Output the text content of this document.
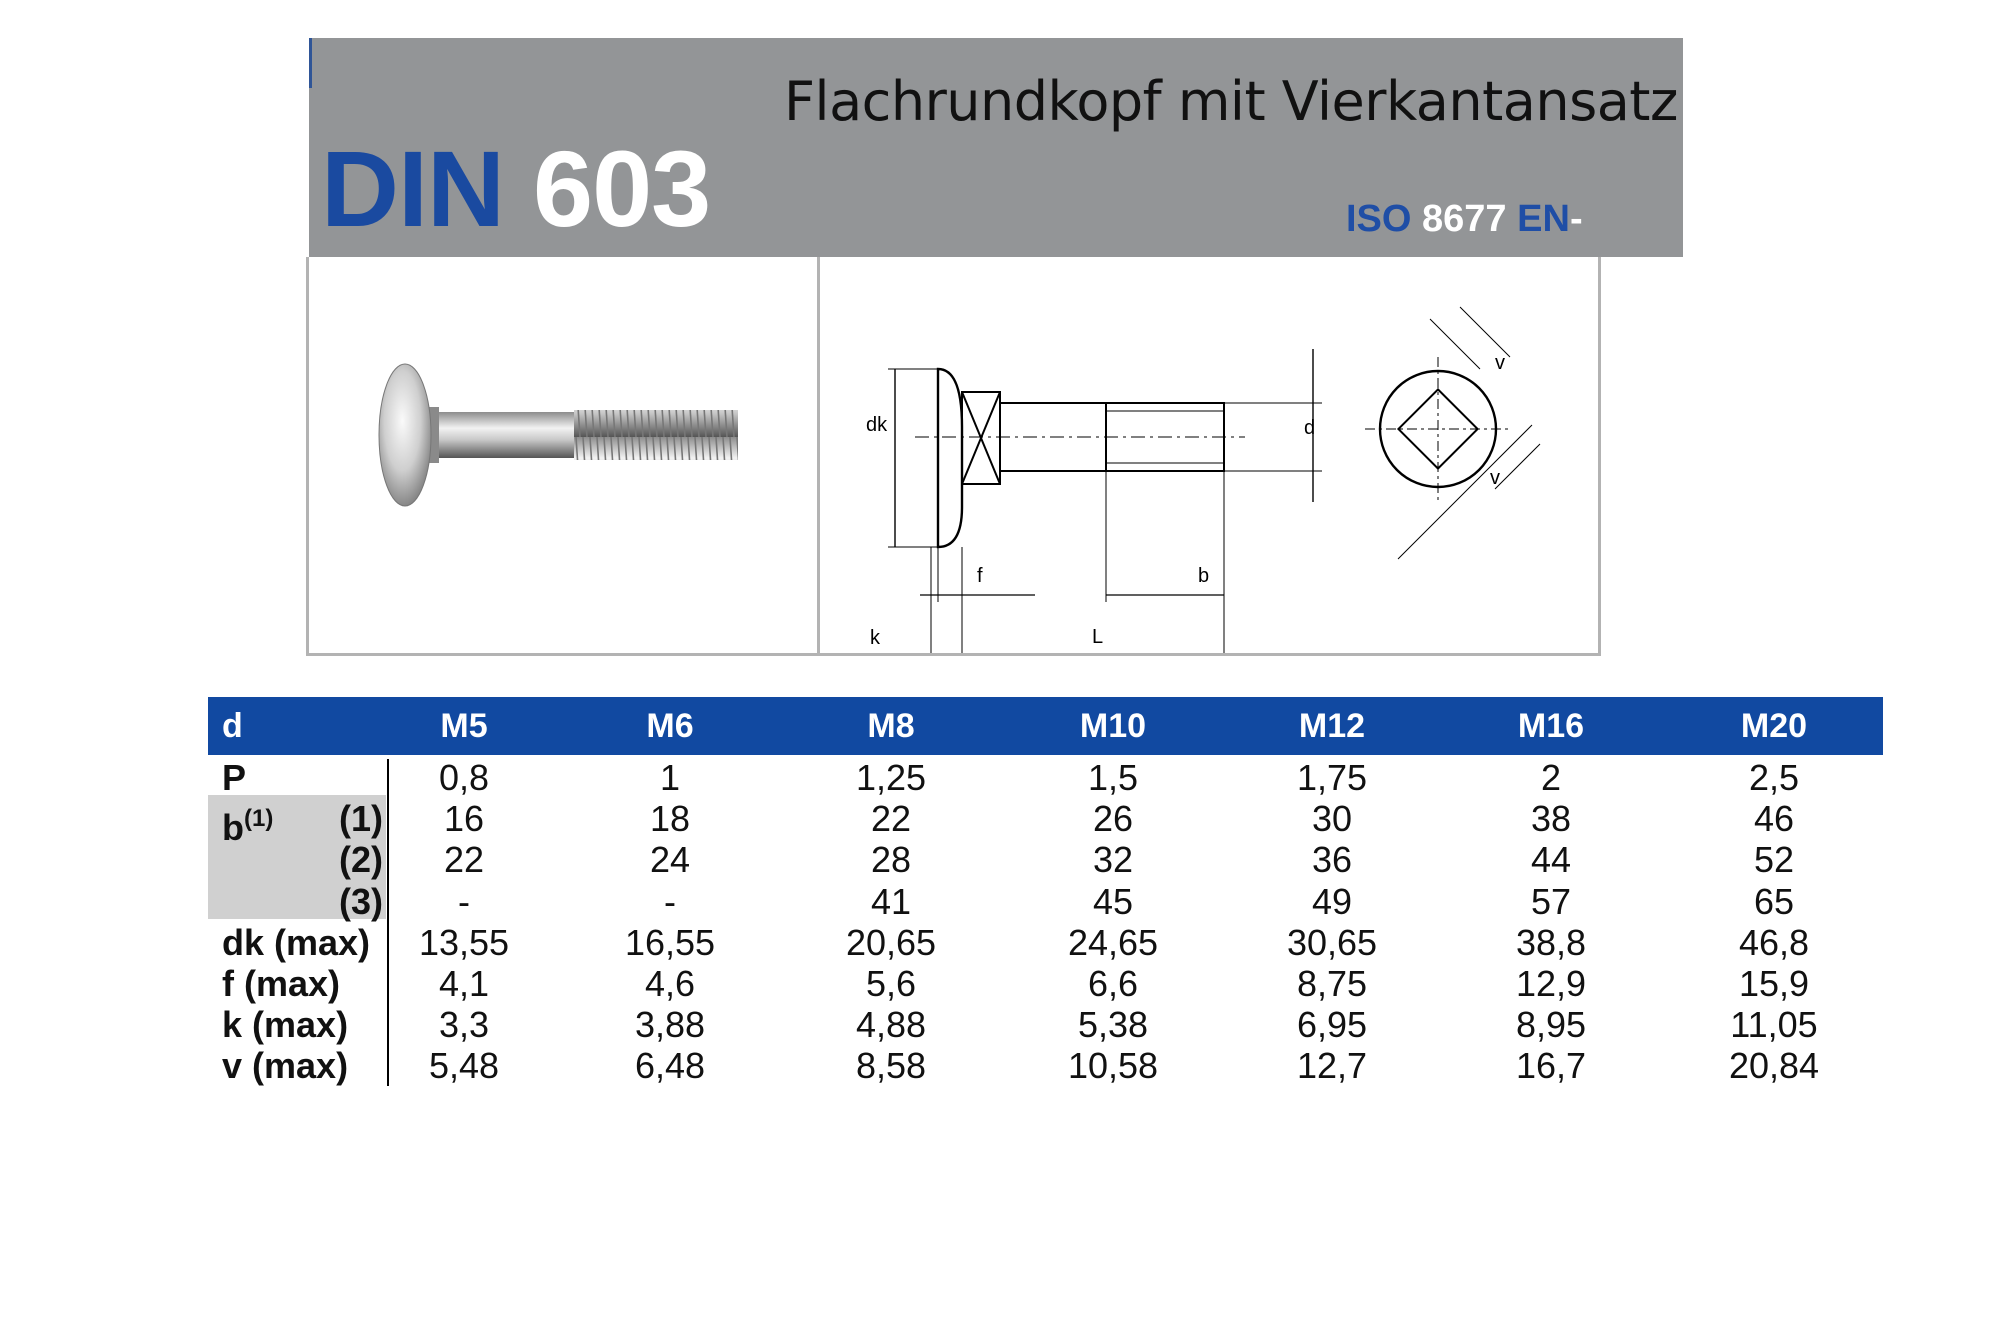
Flachrundkopf mit Vierkantansatz
DIN 603	ISO 8677 EN-
dk	d
f	b
k	L
v
v
d	M5	M6	M8	M10	M12	M16	M20
P	0,8	1	1,25	1,5	1,75	2	2,5
$b^{(1)}$ (1)	16	18	22	26	30	38	46
(2)	22	24	28	32	36	44	52
(3)	-	-	41	45	49	57	65
dk (max)	13,55	16,55	20,65	24,65	30,65	38,8	46,8
f (max)	4,1	4,6	5,6	6,6	8,75	12,9	15,9
k (max)	3,3	3,88	4,88	5,38	6,95	8,95	11,05
v (max)	5,48	6,48	8,58	10,58	12,7	16,7	20,84
